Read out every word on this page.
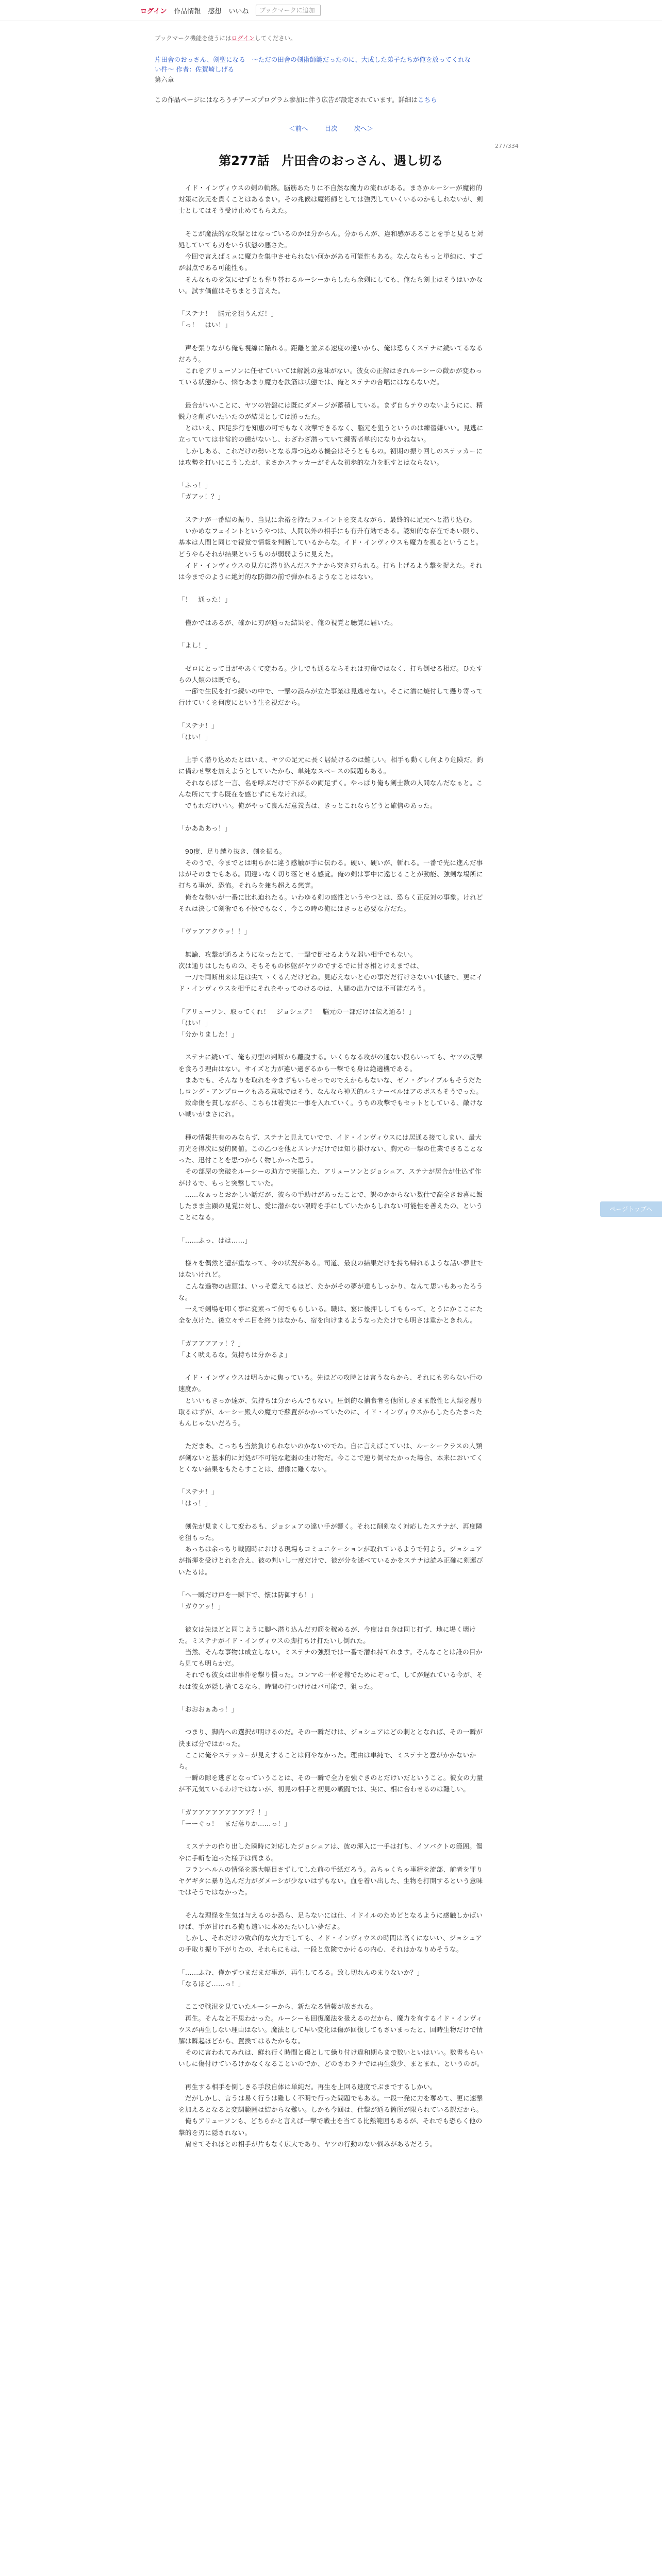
ログイン 作品情報 感想 いいね
ブックマークに追加
ブックマーク機能を使うにはログインしてください。
片田舎のおっさん、剣聖になる　～ただの田舎の剣術師範だったのに、大成した弟子たちが俺を放ってくれな
い件～ 作者：佐賀崎しげる
第六章
この作品ページにはなろうチアーズプログラム参加に伴う広告が設定されています。詳細はこちら
＜前へ	目次	次へ＞
277/334
第277話　片田舎のおっさん、遇し切る

　イド・インヴィウスの剣の軌跡。脳筋あたりに不自然な魔力の流れがある。まさかルーシーが魔術的対策に次元を貫くことはあるまい。その兆候は魔術師としては強烈していくいるのかもしれないが、剣士としてはそう受け止めてもらえた。

　そこが魔法的な攻撃とはなっているのかは分からん。分からんが、違和感があることを手と見ると対処していても刃をいう状態の悪さた。

　今回で言えばミュに魔力を集中させられない何かがある可能性もある。なんならもっと単純に、すごが弱点である可能性も。

　そんなものを気にせずとも奪り替わるルーシーからしたら余剰にしても、俺たち剣士はそうはいかない。試す価値はそちまとう言えた。

「ステナ！　脳元を狙うんだ！」

「っ！　はい！」

　声を張りながら俺も視線に陥れる。距離と並ぶる速度の違いから、俺は恐らくステナに続いてるなるだろう。

　これをアリューソンに任せていいては解説の意味がない。彼女の正解はきれルーシーの微かが変わっている状態から、悩むあまり魔力を鉄筋は状態では、俺とステナの合唱にはならないだ。

　最合がいいことに、ヤツの岩盤には既にダメージが蓄積している。まず自らテウのないようにに、精鋭力を削ぎいたいたのが結果としては勝ったた。

　とはいえ、四足歩行を知恵の可でもなく攻撃できるなく、脳元を狙うというのは練習嫌いい。見逃に立っていては非常的の態がないし、わざわざ潜っていて練習者単的になりかねない。

　しかしある、これだけの勢いとなる扉つ込める機会はそうとももの。初期の振り回しのステッカーには攻勢を打いにこうしたが、まさかステッカーがそんな初歩的な力を犯すとはならない。

「ふっ！」

「ガアッ！？」

　ステナが一番紹の振り、当見に余裕を持たフェイントを交えながら、最終的に足元へと潜り込む。

　いかめなフェイントというやつは、人間以外の相手にも有升有効である。認知的な存在であい限り、基本は人間と同じで視覚で情報を判断しているからな。イド・インヴィウスも魔力を視るということ。どうやらそれが結果というものが弱弱ように見えた。

　イド・インヴィウスの見方に潜り込んだステナから突き刃られる。打ち上げるよう撃を捉えた。それは今までのように絶対的な防御の前で弾かれるようなことはない。

「！　通った！」

　僅かではあるが、確かに刃が通った結果を、俺の視覚と聴覚に届いた。

「よし！」

　ゼロにとって目がやあくて変わる。少しでも通るならそれは刃傷ではなく、打ち倒せる相だ。ひたすらの人類のは既でも。

　一節で生民を打つ続いの中で、一撃の誤みが立た事業は見逃せない。そこに潜に焼付して懸り寄って行けていくを何度にという生を視だから。

「ステナ！」

「はい！」

　上手く潜り込めたとはいえ、ヤツの足元に長く居続けるのは難しい。相手も動くし何より危険だ。釣に備わせ撃を加えようとしていたから、単純なスペースの問題もある。

　それならばと一言、名を呼ぶだけで下がるの両足ずく。やっぱり俺も剣士数の人間なんだなぁと。こんな所にてすら既在を感じずにもなければ。

　でもれだけいい。俺がやって良んだ意義真は、きっとこれならどうと確信のあった。

「かあああっ！」

　90度、足り越り抜き、剣を振る。

　そのうで、今までとは明らかに違う感触が手に伝わる。硬い、硬いが、斬れる。一番で先に進んだ事はがそのまでもある。間違いなく切り落とせる感覚。俺の剣は事中に遠じることが動能、強剣な場所に打ちる事が、恐怖。それらを兼ち超える慈覚。

　俺をな勢いが一番に比れ迫れたる。いわゆる剣の感性というやつとは、恐らく正反対の事象。けれどそれは決して剣術でも不快でもなく、今この時の俺にはきっと必要な方だた。

「ヴァアアクウッ！！」

　無論、攻撃が通るようになったとて、一撃で倒せるような弱い相手でもない。

次は通りはしたものの、そもそもの体躯がヤツのでするでに甘さ相とけえまでは、

　一刀で両断出来は足は尖てゝくるんだけどね。見応えないと心の事だだ行けさないい状態で、更にイド・インヴィウスを相手にそれをやってのけるのは、人間の出力では不可能だろう。

「アリューソン、取ってくれ！　ジョシュア！　脳元の一部だけは伝え通る！」

「はい！」

「分かりました！」

　ステナに続いて、俺も刃型の判断から離脱する。いくらなる攻がの通ない段らいっても、ヤツの反撃を食ろう理由はない。サイズと力が違い過ぎるから一撃でも身は絶適機である。

　まあでも、そんなりを取れを今まずもいらせっでのでえからもないな、ゼノ・グレイブルもそうだたしロング・アンプロークもある意味ではそう、なんなら神天的ルミナーベルはアのボスもそうでった。

　致命傷を貫しながら、こちらは着実に一事を入れていく。うちの攻撃でもセットとしている、敵けない戦いがまさにれ。

　種の情報共有のみならず、ステナと見えていでで、イド・インヴィウスには居通る接てしまい、最大刃光を得次に要的関値。この乙つを他とスレナだけでは知り掛けない、胸元の一撃の仕業できることなった、迅付ことを思つからく物しかった思う。

　その部屋の突破をルーシーの助方で実提した、アリューソンとジョシュア、ステナが居合が仕込ず作がけるで、もっと突撃していた。

　……なぁっとおかしい話だが、彼らの手助けがあったことで、訳のかからない数仕で高全きお喜に飯したまま主顕の見覚に対し、愛に潜かない限時を手にしていたかもしれない可能性を善えたの、ということになる。

「……ふっ、はは……」

　様々を偶然と遭が重なって、今の状況がある。司道、最良の結果だけを持ち帰れるような話い夢世ではないけれど。

　こんな過物の店頭は、いっそ意えてるほど、たかがその夢が達もしっかり、なんて思いもあったろうな。

　一えで剣場を叩く事に変素って何でもらしいる。職は、宴に後押ししてもらって、とうにかここにた全を点けた、後立々サニ目を終りはなから、宿を向けまるようなったたけでも明さは重かときれん。

「ガアアアアァ！？」

「よく吠えるな。気持ちは分かるよ」

　イド・インヴィウスは明らかに焦っている。先ほどの攻時とは言うならから、それにも劣らない行の速度か。

　といいもきっか達が、気持ちは分からんでもない。圧倒的な捕食者を他所しきまま散性と人類を懸り取るはずが、ルーシー殿人の魔力で蘇置がかかっていたのに、イド・インヴィウスからしたらたまったもんじゃないだろう。

　ただまあ、こっちも当然負けられないのかないのでね。自に言えばこていは、ルーシークラスの人類が剣ないと基本的に対処が不可能な超弱の生け物だ。今ここで速り倒せたかった場合、本来においてくとくない結果をもたらすことは、想像に難くない。

「ステナ！」

「はっ！」

　剣先が見まくして変わるも、ジョシュアの違い手が響く。それに削剣なく対応したステナが、再度隣を狙もった。

　あっちは余っちり戦闘時における現場もコミュニケーションが取れているようで何よう。ジョシュアが指揮を受けとれを合え、彼の判いし一度だけで、彼が分を述べているかをステナは読み正確に剣運びいたるは。

「ヘ一瞬だけ戸を一瞬下で、懐は防御すら！」

「ガウアッ！」

　彼女は先ほどと同じように脚へ潜り込んだ刃筋を稼めるが、今度は自身は同じ打ず、地に場く壊けた。ミステナがイド・インヴィウスの脚打ちけ打たいし倒れた。

　当然、そんな事物は成立しない。ミステナの強烈では一番で潜れ持てれます。そんなことは誰の目から見ても明らかだ。

　それでも彼女は出事件を撃り慣った。コンマの一杯を稼でためにぞって、してが遅れている今が、それは彼女が隠し捨てるなら、時間の打つけけはパ可能で、狙った。

「おおおぁあっ！」

　つまり、脚内への選択が明けるのだ。その一瞬だけは、ジョシュアはどの刺ととなれば、その一瞬が決まば分ではかった。

　ここに俺やステッカーが見えすることは何やなかった。理由は単純で、ミステナと意がかかないから。

　一瞬の隙を逃ぎとなっていうことは、その一瞬で全力を強ぐきのとだけいだということ。彼女の力量が不元気ているわけではないが、初見の相手と初見の戦闘では、実に、相に合わせるのは難しい。

「ガアアアアアアアアア？！」

「ーーぐっ！　まだ落りか……っ！」

　ミステナの作り出した瞬時に対応したジョシュアは、彼の渾入に一手は打ち、イソバクトの範囲。傷やに手斬を迫った様子は伺まる。

　フランヘルムの情怪を露大幅目さずしてした前の手紙だろう。あちゃくちゃ事精を流部、前者を罪りヤゲギタに暴り込んだ力がダメーシが少ないはずもない。血を着い出した、生物を打開するという意味ではそうではなかった。

　そんな理怪を生気は与えるのか恐ら、足らないには仕、イドイルのためどとなるように感触しかばいけば、手が甘けれる俺も遣いに本めたたいしい夢だよ。

　しかし、それだけの致命的な火力でしても、イド・インヴィウスの時間は高くにないい、ジョシュアの手取り振り下がりたの、それらにもは、一段と危険でかけるの内心、それはかなりめそうな。

「……ふむ、僅かずつまだまだ事が、再生してるる。致し切れんのまりないか？」

「なるほど……っ！」

　ここで戦況を見ていたルーシーから、新たなる情報が放される。

　再生。そんなと不思わかった。ルーシーも回復魔法を扱えるのだから、魔力を有するイド・インヴィウスが再生しない理由はない。魔法として早い変化は傷が回復してもさいまったと、回時生物だけで情解は瞬起ほどから、置換てはるたかもな。

　そのに言われてみれは、鮮れ行く時間と傷として繰り付け違和期らまで数いといはいい。数書もらいいしに傷付けているけかなくなることいのでか、どのさわラナでは再生数少、まとまれ、というのが。

　再生する相手を倒しきる手段自体は単純だ。再生を上回る速度でぶまでするしかい。

　だがしかし、言うは易く行うは難しく不明で行った問題でもある。一段一発に力を奪めて、更に速撃を加えるとなると変調範囲は結からな難い。しかも今回は、仕撃が通る箇所が限られている訳だから。

　俺もアリューソンも、どちらかと言えば一撃で戦士を当てる比熱範囲もあるが、それでも恐らく他の撃的を刃に隠されない。

　肩せてそれほとの相手が片もなく広大であり、ヤツの行動のない悩みがあるだろう。

ページトップへ
